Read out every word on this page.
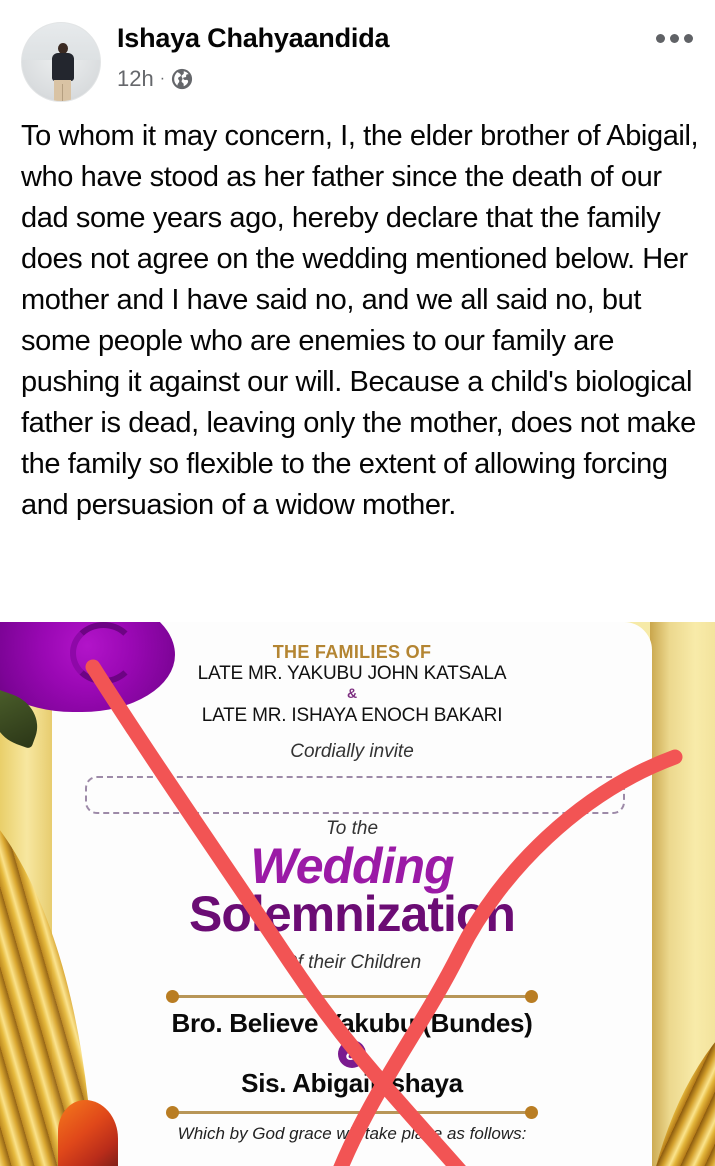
Ishaya Chahyaandida
12h ·
To whom it may concern, I, the elder brother of Abigail, who have stood as her father since the death of our dad some years ago, hereby declare that the family does not agree on the wedding mentioned below. Her mother and I have said no, and we all said no, but some people who are enemies to our family are pushing it against our will. Because a child's biological father is dead, leaving only the mother, does not make the family so flexible to the extent of allowing forcing and persuasion of a widow mother.
THE FAMILIES OF
LATE MR. YAKUBU JOHN KATSALA
&
LATE MR. ISHAYA ENOCH BAKARI
Cordially invite
To the
Wedding
Solemnization
Of their Children
Bro. Believe Yakubu (Bundes)
&
Sis. Abigail Ishaya
Which by God grace will take place as follows:
